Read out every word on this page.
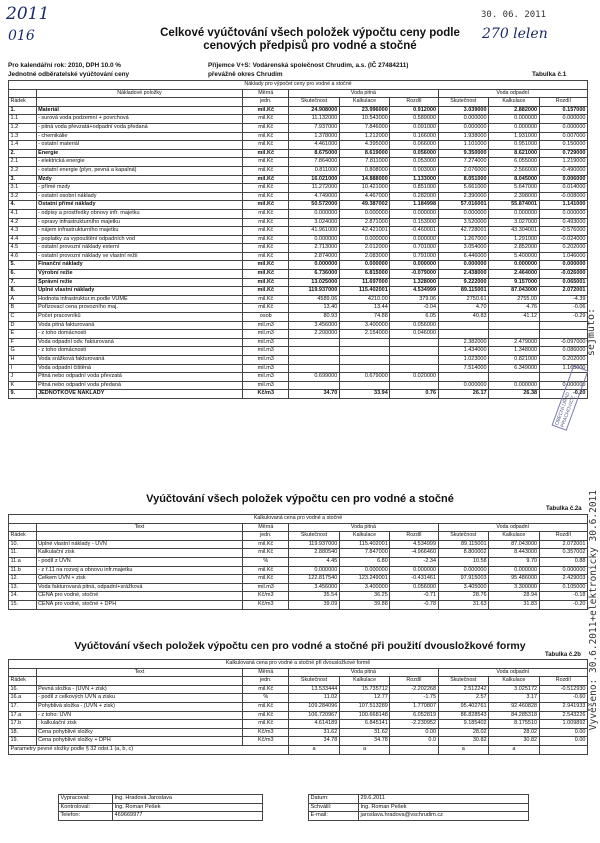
2011
016
30. 06. 2011
270 lelen
Celkové vyúčtování všech položek výpočtu ceny podle
cenových předpisů pro vodné a stočné
Pro kalendářní rok: 2010, DPH 10.0 %	Příjemce V+S: Vodárenská společnost Chrudim, a.s. (IČ 27484211)
Jednotné odběratelské vyúčtování ceny	převážně okres Chrudim	Tabulka č.1
Náklady pro výpočet ceny pro vodné a stočné								
	Nákladové položky	Měrná	Voda pitná			Voda odpadní		
Řádek		jedn.	Skutečnost	Kalkulace	Rozdíl	Skutečnost	Kalkulace	Rozdíl
1.	Materiál	mil.Kč	24.908000	23.996000	0.912000	3.039000	2.882000	0.157000
1.1	- surová voda podzemní + povrchová	mil.Kč	11.132000	10.543000	0.589000	0.000000	0.000000	0.000000
1.2	- pitná voda převzatá+odpadní voda předaná	mil.Kč	7.937000	7.846000	0.091000	0.000000	0.000000	0.000000
1.3	- chemikálie	mil.Kč	1.378000	1.212000	0.166000	1.938000	1.931000	0.007000
1.4	- ostatní materiál	mil.Kč	4.461000	4.395000	0.066000	1.101000	0.951000	0.150000
2.	Energie	mil.Kč	8.675000	8.619000	0.056000	9.350000	8.621000	0.729000
2.1	- elektrická energie	mil.Kč	7.864000	7.811000	0.053000	7.274000	6.055000	1.219000
2.2	- ostatní energie (plyn, pevná a kapalná)	mil.Kč	0.811000	0.808000	0.003000	2.076000	2.566000	-0.490000
3.	Mzdy	mil.Kč	16.021000	14.888000	1.133000	8.051000	8.045000	0.006000
3.1	- přímé mzdy	mil.Kč	11.272000	10.421000	0.851000	5.661000	5.647000	0.014000
3.2	- ostatní osobní náklady	mil.Kč	4.749000	4.467000	0.282000	2.390000	2.398000	-0.008000
4.	Ostatní přímé náklady	mil.Kč	50.572000	49.387002	1.184998	57.016001	55.874001	1.141000
4.1	- odpisy a prostředky obnovy infr. majetku	mil.Kč	0.000000	0.000000	0.000000	0.000000	0.000000	0.000000
4.2	- opravy infrastrukturního majetku	mil.Kč	3.024000	2.871000	0.153000	3.520000	3.027000	0.493000
4.3	- nájem infrastrukturního majetku	mil.Kč	41.961000	42.421001	-0.460001	42.728001	43.304001	-0.576000
4.4	- poplatky za vypouštění odpadních vod	mil.Kč	0.000000	0.000000	0.000000	1.267000	1.291000	-0.024000
4.5	- ostatní provozní náklady externí	mil.Kč	2.713000	2.012000	0.701000	3.054000	2.852000	0.202000
4.6	- ostatní provozní náklady ve vlastní režii	mil.Kč	2.874000	2.083000	0.791000	6.446000	5.400000	1.046000
5.	Finanční náklady	mil.Kč	0.000000	0.000000	0.000000	0.000000	0.000000	0.000000
6.	Výrobní režie	mil.Kč	6.736000	6.815000	-0.079000	2.438000	2.464000	-0.026000
7.	Správní režie	mil.Kč	13.025000	11.697000	1.328000	9.222000	9.157000	0.065001
8.	Úplné vlastní náklady	mil.Kč	119.937000	115.402001	4.534999	89.115001	87.043000	2.072001
A	Hodnota infrastruktur.m.podle VÚME	mil.Kč	4589.06	4210.00	379.06	2750.61	2755.00	-4.39
B	Pořizovací cena provozního maj.	mil.Kč	13.40	13.44	-0.04	4.70	4.76	-0.06
C	Počet pracovníků	osob	80.93	74.88	6.05	40.83	41.12	-0.29
D	Voda pitná fakturovaná	mil.m3	3.456000	3.400000	0.056000			
E	- z toho domácnosti	mil.m3	2.200000	2.154000	0.046000			
F	Voda odpadní odv. fakturovaná	mil.m3				2.382000	2.479000	-0.097000
G	- z toho domácnosti	mil.m3				1.434000	1.348000	0.086000
H	Voda srážková fakturovaná	mil.m3				1.023000	0.821000	0.202000
I	Voda odpadní čištěná	mil.m3				7.514000	6.349000	1.165000
J	Pitná nebo odpadní voda převzatá	mil.m3	0.699000	0.679000	0.020000			
K	Pitná nebo odpadní voda předaná	mil.m3				0.000000	0.000000	0.000000
9.	JEDNOTKOVÉ NÁKLADY	Kč/m3	34.70	33.94	0.76	26.17	26.38	-0.20
Vyúčtování všech položek výpočtu cen pro vodné a stočné
Tabulka č.2a
Kalkulovaná cena pro vodné a stočné								
	Text	Měrná	Voda pitná			Voda odpadní		
Řádek		jedn.	Skutečnost	Kalkulace	Rozdíl	Skutečnost	Kalkulace	Rozdíl
10.	Úplné vlastní náklady - ÚVN	mil.Kč	119.937000	115.402001	4.534999	89.115001	87.043000	2.072001
11.	Kalkulační zisk	mil.Kč	2.880540	7.847000	-4.966460	8.800002	8.443000	0.357002
11.a	- podíl z ÚVN	%	4.45	6.80	-2.34	10.58	9.70	0.88
11.b	- z ř.11 na rozvoj a obnovu infr.majetku	mil.Kč	0.000000	0.000000	0.000000	0.000000	0.000000	0.000000
12.	Celkem ÚVN + zisk	mil.Kč	122.817540	123.249001	-0.431461	97.915003	95.486000	2.429003
13.	Voda fakturovaná pitná, odpadní+srážková	mil.m3	3.456000	3.400000	0.056000	3.405000	3.300000	0.105000
14.	CENA pro vodné, stočné	Kč/m3	35.54	36.25	-0.71	28.76	28.94	-0.18
15.	CENA pro vodné, stočné + DPH	Kč/m3	39.09	39.88	-0.78	31.63	31.83	-0.20
Vyúčtování všech položek výpočtu cen pro vodné a stočné při použití dvousložkové formy
Tabulka č.2b
Kalkulovaná cena pro vodné a stočné při dvousložkové formě								
	Text	Měrná	Voda pitná			Voda odpadní		
Řádek		jedn.	Skutečnost	Kalkulace	Rozdíl	Skutečnost	Kalkulace	Rozdíl
16.	Pevná složka - (ÚVN + zisk)	mil.Kč	13.533444	15.735712	-2.202268	2.512242	3.025172	-0.512930
16.a	- podíl z celkových ÚVN a zisku	%	11.02	12.77	-1.75	2.57	3.17	-0.60
17.	Pohyblivá složka - (ÚVN + zisk)	mil.Kč	109.284096	107.513289	1.770807	95.402761	92.460828	2.941933
17.a	- z toho: ÚVN	mil.Kč	106.720967	100.668148	6.052819	86.828543	84.285318	2.543226
17.b	: kalkulační zisk	mil.Kč	4.614189	6.845141	-2.230952	9.185402	8.175510	1.009892
18.	Cena pohyblivé složky	Kč/m3	31.62	31.62	0.00	28.02	28.02	0.00
19.	Cena pohyblivé složky + DPH	Kč/m3	34.78	34.78	0.0	30.82	30.82	0.00
Parametry pevné složky podle § 32 odst.1 (a, b, c)			a	a		a	a	
Vypracoval:	Ing. Hradová Jaroslava		Datum:	29.6.2011
Kontroloval:	Ing. Roman Pešek		Schválil:	Ing. Roman Pešek
Telefon:	469669977		E-mail:	jaroslava.hradova@vschrudim.cz
sejmuto:
Vyvěšeno: 30.6.2011+elektronicky 30.6.2011
OBECNÍ ÚŘAD PRACHOVICE
